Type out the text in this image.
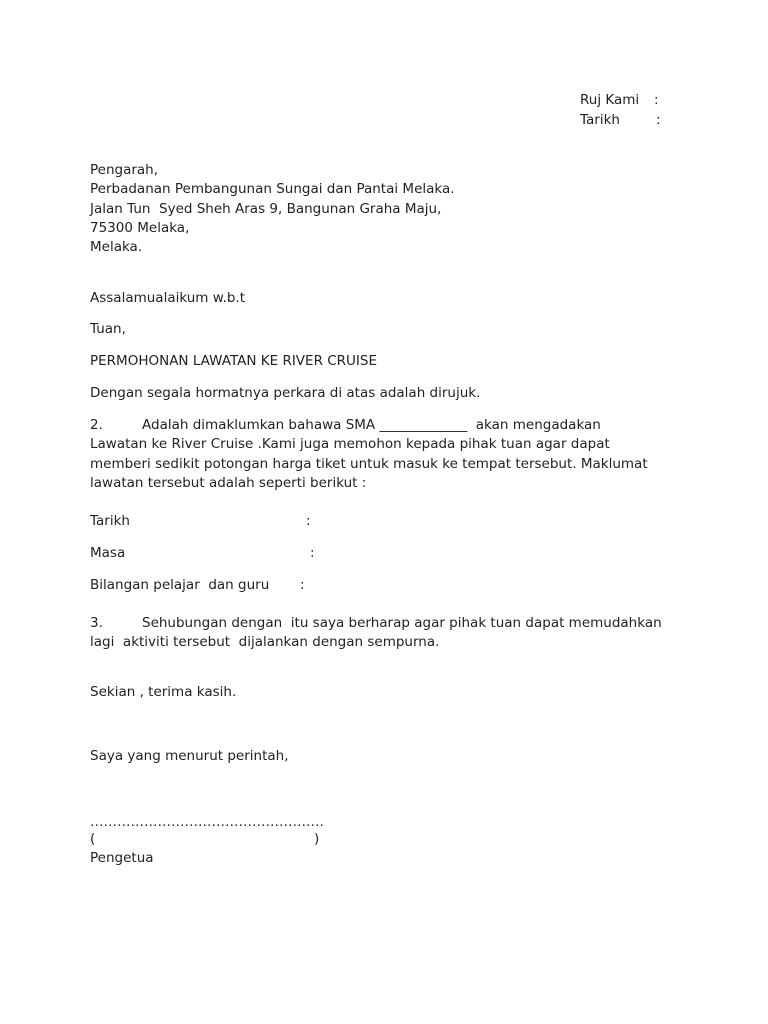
Ruj Kami :
Tarikh	:
Pengarah,
Perbadanan Pembangunan Sungai dan Pantai Melaka.
Jalan Tun  Syed Sheh Aras 9, Bangunan Graha Maju,
75300 Melaka,
Melaka.
Assalamualaikum w.b.t
Tuan,
PERMOHONAN LAWATAN KE RIVER CRUISE
Dengan segala hormatnya perkara di atas adalah dirujuk.
2.	Adalah dimaklumkan bahawa SMA _____________  akan mengadakan
Lawatan ke River Cruise .Kami juga memohon kepada pihak tuan agar dapat
memberi sedikit potongan harga tiket untuk masuk ke tempat tersebut. Maklumat
lawatan tersebut adalah seperti berikut :
Tarikh	:
Masa	:
Bilangan pelajar  dan guru :
3.	Sehubungan dengan  itu saya berharap agar pihak tuan dapat memudahkan
lagi  aktiviti tersebut  dijalankan dengan sempurna.
Sekian , terima kasih.
Saya yang menurut perintah,
…………………………………………….
(	)
Pengetua
